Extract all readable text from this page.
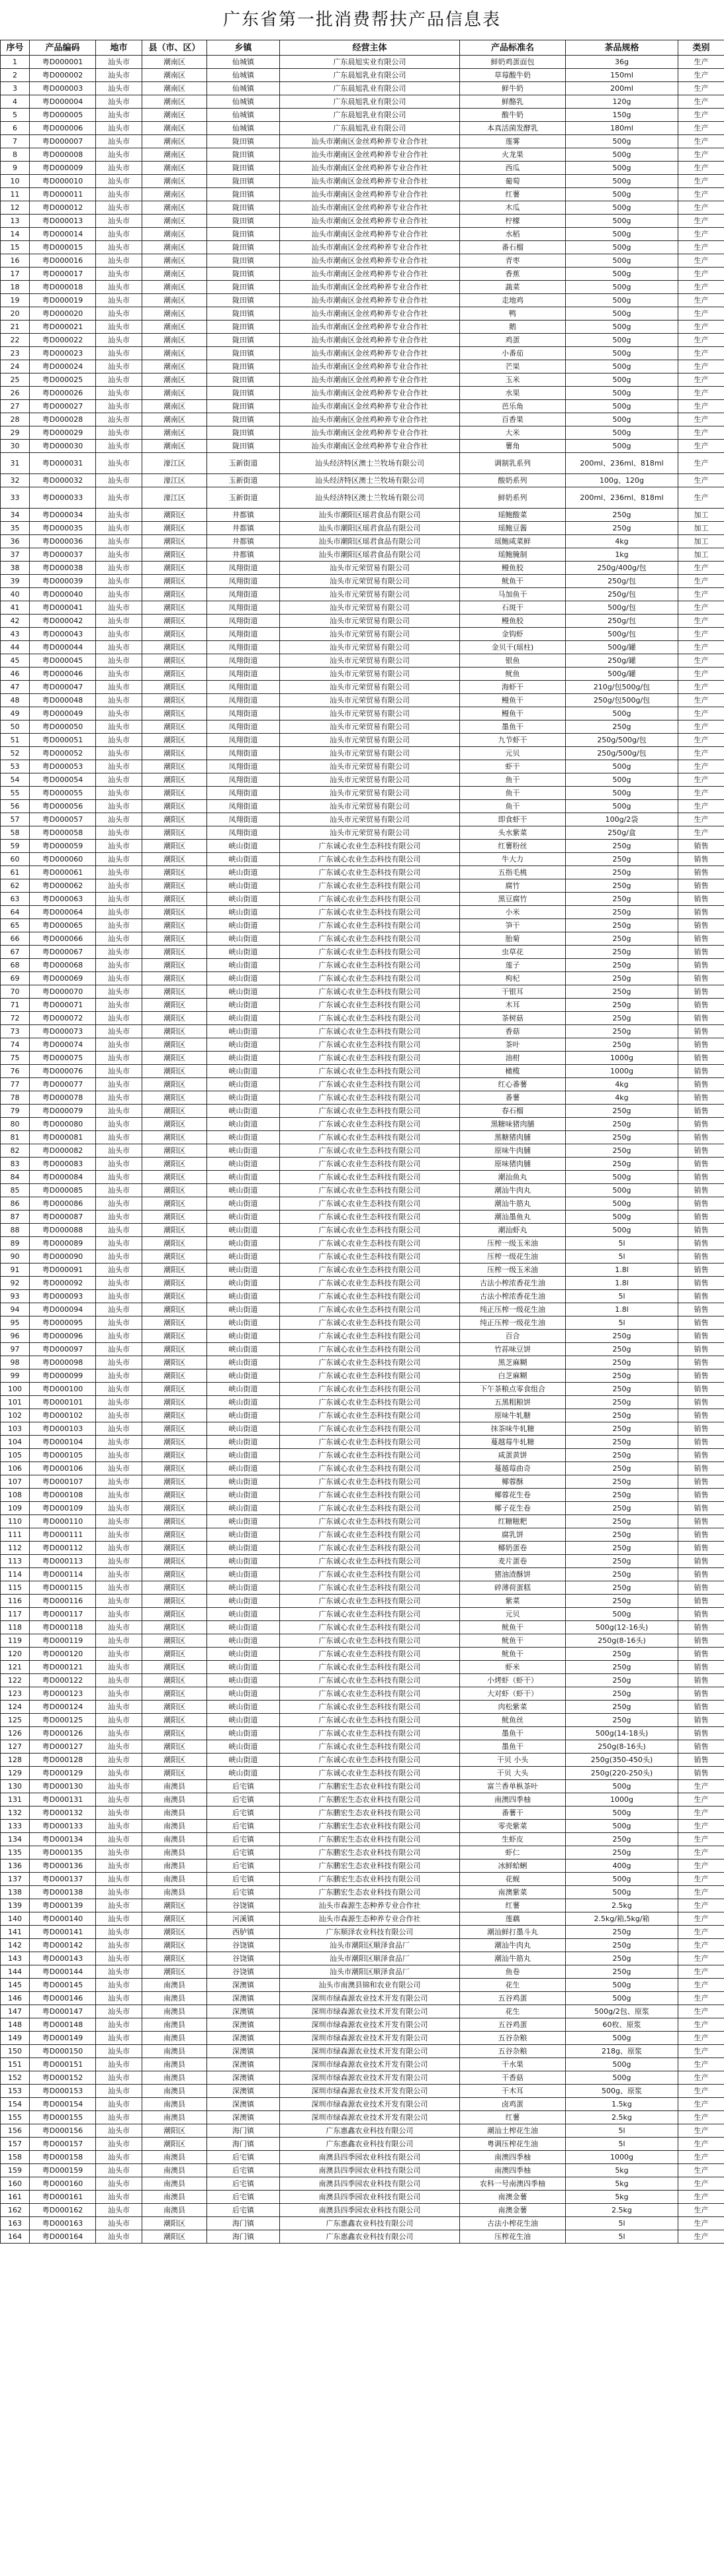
广东省第一批消费帮扶产品信息表
序号	产品编码	地市	县（市、区）	乡镇	经营主体	产品标准名	茶品规格	类别
1	粤D000001	汕头市	潮南区	仙城镇	广东晨旭实业有限公司	鲜奶鸡蛋面包	36g	生产
2	粤D000002	汕头市	潮南区	仙城镇	广东晨旭乳业有限公司	草莓酸牛奶	150ml	生产
3	粤D000003	汕头市	潮南区	仙城镇	广东晨旭乳业有限公司	鲜牛奶	200ml	生产
4	粤D000004	汕头市	潮南区	仙城镇	广东晨旭乳业有限公司	鲜酪乳	120g	生产
5	粤D000005	汕头市	潮南区	仙城镇	广东晨旭乳业有限公司	酸牛奶	150g	生产
6	粤D000006	汕头市	潮南区	仙城镇	广东晨旭乳业有限公司	本真活菌发酵乳	180ml	生产
7	粤D000007	汕头市	潮南区	陇田镇	汕头市潮南区金丝鸡种养专业合作社	莲雾	500g	生产
8	粤D000008	汕头市	潮南区	陇田镇	汕头市潮南区金丝鸡种养专业合作社	火龙果	500g	生产
9	粤D000009	汕头市	潮南区	陇田镇	汕头市潮南区金丝鸡种养专业合作社	西瓜	500g	生产
10	粤D000010	汕头市	潮南区	陇田镇	汕头市潮南区金丝鸡种养专业合作社	葡萄	500g	生产
11	粤D000011	汕头市	潮南区	陇田镇	汕头市潮南区金丝鸡种养专业合作社	红薯	500g	生产
12	粤D000012	汕头市	潮南区	陇田镇	汕头市潮南区金丝鸡种养专业合作社	木瓜	500g	生产
13	粤D000013	汕头市	潮南区	陇田镇	汕头市潮南区金丝鸡种养专业合作社	柠檬	500g	生产
14	粤D000014	汕头市	潮南区	陇田镇	汕头市潮南区金丝鸡种养专业合作社	水稻	500g	生产
15	粤D000015	汕头市	潮南区	陇田镇	汕头市潮南区金丝鸡种养专业合作社	番石榴	500g	生产
16	粤D000016	汕头市	潮南区	陇田镇	汕头市潮南区金丝鸡种养专业合作社	青枣	500g	生产
17	粤D000017	汕头市	潮南区	陇田镇	汕头市潮南区金丝鸡种养专业合作社	香蕉	500g	生产
18	粤D000018	汕头市	潮南区	陇田镇	汕头市潮南区金丝鸡种养专业合作社	蔬菜	500g	生产
19	粤D000019	汕头市	潮南区	陇田镇	汕头市潮南区金丝鸡种养专业合作社	走地鸡	500g	生产
20	粤D000020	汕头市	潮南区	陇田镇	汕头市潮南区金丝鸡种养专业合作社	鸭	500g	生产
21	粤D000021	汕头市	潮南区	陇田镇	汕头市潮南区金丝鸡种养专业合作社	鹅	500g	生产
22	粤D000022	汕头市	潮南区	陇田镇	汕头市潮南区金丝鸡种养专业合作社	鸡蛋	500g	生产
23	粤D000023	汕头市	潮南区	陇田镇	汕头市潮南区金丝鸡种养专业合作社	小番茄	500g	生产
24	粤D000024	汕头市	潮南区	陇田镇	汕头市潮南区金丝鸡种养专业合作社	芒果	500g	生产
25	粤D000025	汕头市	潮南区	陇田镇	汕头市潮南区金丝鸡种养专业合作社	玉米	500g	生产
26	粤D000026	汕头市	潮南区	陇田镇	汕头市潮南区金丝鸡种养专业合作社	水果	500g	生产
27	粤D000027	汕头市	潮南区	陇田镇	汕头市潮南区金丝鸡种养专业合作社	芭乐角	500g	生产
28	粤D000028	汕头市	潮南区	陇田镇	汕头市潮南区金丝鸡种养专业合作社	百香果	500g	生产
29	粤D000029	汕头市	潮南区	陇田镇	汕头市潮南区金丝鸡种养专业合作社	大米	500g	生产
30	粤D000030	汕头市	潮南区	陇田镇	汕头市潮南区金丝鸡种养专业合作社	薯角	500g	生产
31	粤D000031	汕头市	濠江区	玉新街道	汕头经济特区澳士兰牧场有限公司	调制乳系列	200ml、236ml、818ml	生产
32	粤D000032	汕头市	濠江区	玉新街道	汕头经济特区澳士兰牧场有限公司	酸奶系列	100g、120g	生产
33	粤D000033	汕头市	濠江区	玉新街道	汕头经济特区澳士兰牧场有限公司	鲜奶系列	200ml、236ml、818ml	生产
34	粤D000034	汕头市	潮阳区	井都镇	汕头市潮阳区瑶君食品有限公司	瑶鲍酸菜	250g	加工
35	粤D000035	汕头市	潮阳区	井都镇	汕头市潮阳区瑶君食品有限公司	瑶鲍豆酱	250g	加工
36	粤D000036	汕头市	潮阳区	井都镇	汕头市潮阳区瑶君食品有限公司	瑶鲍咸菜鲜	4kg	加工
37	粤D000037	汕头市	潮阳区	井都镇	汕头市潮阳区瑶君食品有限公司	瑶鲍腌制	1kg	加工
38	粤D000038	汕头市	潮阳区	凤翔街道	汕头市元荣贸易有限公司	鳗鱼胶	250g/400g/包	生产
39	粤D000039	汕头市	潮阳区	凤翔街道	汕头市元荣贸易有限公司	鱿鱼干	250g/包	生产
40	粤D000040	汕头市	潮阳区	凤翔街道	汕头市元荣贸易有限公司	马加鱼干	250g/包	生产
41	粤D000041	汕头市	潮阳区	凤翔街道	汕头市元荣贸易有限公司	石斑干	500g/包	生产
42	粤D000042	汕头市	潮阳区	凤翔街道	汕头市元荣贸易有限公司	鳗鱼胶	250g/包	生产
43	粤D000043	汕头市	潮阳区	凤翔街道	汕头市元荣贸易有限公司	金钩虾	500g/包	生产
44	粤D000044	汕头市	潮阳区	凤翔街道	汕头市元荣贸易有限公司	金贝干(瑶柱)	500g/罐	生产
45	粤D000045	汕头市	潮阳区	凤翔街道	汕头市元荣贸易有限公司	银鱼	250g/罐	生产
46	粤D000046	汕头市	潮阳区	凤翔街道	汕头市元荣贸易有限公司	鱿鱼	500g/罐	生产
47	粤D000047	汕头市	潮阳区	凤翔街道	汕头市元荣贸易有限公司	海虾干	210g/包500g/包	生产
48	粤D000048	汕头市	潮阳区	凤翔街道	汕头市元荣贸易有限公司	鳗鱼干	250g/包500g/包	生产
49	粤D000049	汕头市	潮阳区	凤翔街道	汕头市元荣贸易有限公司	鳗鱼干	500g	生产
50	粤D000050	汕头市	潮阳区	凤翔街道	汕头市元荣贸易有限公司	墨鱼干	250g	生产
51	粤D000051	汕头市	潮阳区	凤翔街道	汕头市元荣贸易有限公司	九节虾干	250g/500g/包	生产
52	粤D000052	汕头市	潮阳区	凤翔街道	汕头市元荣贸易有限公司	元贝	250g/500g/包	生产
53	粤D000053	汕头市	潮阳区	凤翔街道	汕头市元荣贸易有限公司	虾干	500g	生产
54	粤D000054	汕头市	潮阳区	凤翔街道	汕头市元荣贸易有限公司	鱼干	500g	生产
55	粤D000055	汕头市	潮阳区	凤翔街道	汕头市元荣贸易有限公司	鱼干	500g	生产
56	粤D000056	汕头市	潮阳区	凤翔街道	汕头市元荣贸易有限公司	鱼干	500g	生产
57	粤D000057	汕头市	潮阳区	凤翔街道	汕头市元荣贸易有限公司	即食虾干	100g/2袋	生产
58	粤D000058	汕头市	潮阳区	凤翔街道	汕头市元荣贸易有限公司	头水紫菜	250g/盒	生产
59	粤D000059	汕头市	潮阳区	峡山街道	广东诚心农业生态科技有限公司	红薯粉丝	250g	销售
60	粤D000060	汕头市	潮阳区	峡山街道	广东诚心农业生态科技有限公司	牛大力	250g	销售
61	粤D000061	汕头市	潮阳区	峡山街道	广东诚心农业生态科技有限公司	五指毛桃	250g	销售
62	粤D000062	汕头市	潮阳区	峡山街道	广东诚心农业生态科技有限公司	腐竹	250g	销售
63	粤D000063	汕头市	潮阳区	峡山街道	广东诚心农业生态科技有限公司	黑豆腐竹	250g	销售
64	粤D000064	汕头市	潮阳区	峡山街道	广东诚心农业生态科技有限公司	小米	250g	销售
65	粤D000065	汕头市	潮阳区	峡山街道	广东诚心农业生态科技有限公司	笋干	250g	销售
66	粤D000066	汕头市	潮阳区	峡山街道	广东诚心农业生态科技有限公司	胎菊	250g	销售
67	粤D000067	汕头市	潮阳区	峡山街道	广东诚心农业生态科技有限公司	虫草花	250g	销售
68	粤D000068	汕头市	潮阳区	峡山街道	广东诚心农业生态科技有限公司	莲子	250g	销售
69	粤D000069	汕头市	潮阳区	峡山街道	广东诚心农业生态科技有限公司	枸杞	250g	销售
70	粤D000070	汕头市	潮阳区	峡山街道	广东诚心农业生态科技有限公司	干银耳	250g	销售
71	粤D000071	汕头市	潮阳区	峡山街道	广东诚心农业生态科技有限公司	木耳	250g	销售
72	粤D000072	汕头市	潮阳区	峡山街道	广东诚心农业生态科技有限公司	茶树菇	250g	销售
73	粤D000073	汕头市	潮阳区	峡山街道	广东诚心农业生态科技有限公司	香菇	250g	销售
74	粤D000074	汕头市	潮阳区	峡山街道	广东诚心农业生态科技有限公司	茶叶	250g	销售
75	粤D000075	汕头市	潮阳区	峡山街道	广东诚心农业生态科技有限公司	油柑	1000g	销售
76	粤D000076	汕头市	潮阳区	峡山街道	广东诚心农业生态科技有限公司	橄榄	1000g	销售
77	粤D000077	汕头市	潮阳区	峡山街道	广东诚心农业生态科技有限公司	红心番薯	4kg	销售
78	粤D000078	汕头市	潮阳区	峡山街道	广东诚心农业生态科技有限公司	番薯	4kg	销售
79	粤D000079	汕头市	潮阳区	峡山街道	广东诚心农业生态科技有限公司	春石榴	250g	销售
80	粤D000080	汕头市	潮阳区	峡山街道	广东诚心农业生态科技有限公司	黑糖味猪肉脯	250g	销售
81	粤D000081	汕头市	潮阳区	峡山街道	广东诚心农业生态科技有限公司	黑糖猪肉脯	250g	销售
82	粤D000082	汕头市	潮阳区	峡山街道	广东诚心农业生态科技有限公司	原味牛肉脯	250g	销售
83	粤D000083	汕头市	潮阳区	峡山街道	广东诚心农业生态科技有限公司	原味猪肉脯	250g	销售
84	粤D000084	汕头市	潮阳区	峡山街道	广东诚心农业生态科技有限公司	潮汕鱼丸	500g	销售
85	粤D000085	汕头市	潮阳区	峡山街道	广东诚心农业生态科技有限公司	潮汕牛肉丸	500g	销售
86	粤D000086	汕头市	潮阳区	峡山街道	广东诚心农业生态科技有限公司	潮汕牛筋丸	500g	销售
87	粤D000087	汕头市	潮阳区	峡山街道	广东诚心农业生态科技有限公司	潮汕墨鱼丸	500g	销售
88	粤D000088	汕头市	潮阳区	峡山街道	广东诚心农业生态科技有限公司	潮汕虾丸	500g	销售
89	粤D000089	汕头市	潮阳区	峡山街道	广东诚心农业生态科技有限公司	压榨一级玉米油	5l	销售
90	粤D000090	汕头市	潮阳区	峡山街道	广东诚心农业生态科技有限公司	压榨一级花生油	5l	销售
91	粤D000091	汕头市	潮阳区	峡山街道	广东诚心农业生态科技有限公司	压榨一级玉米油	1.8l	销售
92	粤D000092	汕头市	潮阳区	峡山街道	广东诚心农业生态科技有限公司	古法小榨浓香花生油	1.8l	销售
93	粤D000093	汕头市	潮阳区	峡山街道	广东诚心农业生态科技有限公司	古法小榨浓香花生油	5l	销售
94	粤D000094	汕头市	潮阳区	峡山街道	广东诚心农业生态科技有限公司	纯正压榨一级花生油	1.8l	销售
95	粤D000095	汕头市	潮阳区	峡山街道	广东诚心农业生态科技有限公司	纯正压榨一级花生油	5l	销售
96	粤D000096	汕头市	潮阳区	峡山街道	广东诚心农业生态科技有限公司	百合	250g	销售
97	粤D000097	汕头市	潮阳区	峡山街道	广东诚心农业生态科技有限公司	竹荪味豆饼	250g	销售
98	粤D000098	汕头市	潮阳区	峡山街道	广东诚心农业生态科技有限公司	黑芝麻糊	250g	销售
99	粤D000099	汕头市	潮阳区	峡山街道	广东诚心农业生态科技有限公司	白芝麻糊	250g	销售
100	粤D000100	汕头市	潮阳区	峡山街道	广东诚心农业生态科技有限公司	下午茶粮点零食组合	250g	销售
101	粤D000101	汕头市	潮阳区	峡山街道	广东诚心农业生态科技有限公司	五黑粗粮饼	250g	销售
102	粤D000102	汕头市	潮阳区	峡山街道	广东诚心农业生态科技有限公司	原味牛轧糖	250g	销售
103	粤D000103	汕头市	潮阳区	峡山街道	广东诚心农业生态科技有限公司	抹茶味牛轧糖	250g	销售
104	粤D000104	汕头市	潮阳区	峡山街道	广东诚心农业生态科技有限公司	蔓越莓牛轧糖	250g	销售
105	粤D000105	汕头市	潮阳区	峡山街道	广东诚心农业生态科技有限公司	咸蛋黄饼	250g	销售
106	粤D000106	汕头市	潮阳区	峡山街道	广东诚心农业生态科技有限公司	蔓越莓曲奇	250g	销售
107	粤D000107	汕头市	潮阳区	峡山街道	广东诚心农业生态科技有限公司	椰蓉酥	250g	销售
108	粤D000108	汕头市	潮阳区	峡山街道	广东诚心农业生态科技有限公司	椰蓉花生卷	250g	销售
109	粤D000109	汕头市	潮阳区	峡山街道	广东诚心农业生态科技有限公司	椰子花生卷	250g	销售
110	粤D000110	汕头市	潮阳区	峡山街道	广东诚心农业生态科技有限公司	红糖糍粑	250g	销售
111	粤D000111	汕头市	潮阳区	峡山街道	广东诚心农业生态科技有限公司	腐乳饼	250g	销售
112	粤D000112	汕头市	潮阳区	峡山街道	广东诚心农业生态科技有限公司	椰奶蛋卷	250g	销售
113	粤D000113	汕头市	潮阳区	峡山街道	广东诚心农业生态科技有限公司	麦片蛋卷	250g	销售
114	粤D000114	汕头市	潮阳区	峡山街道	广东诚心农业生态科技有限公司	猪油渣酥饼	250g	销售
115	粤D000115	汕头市	潮阳区	峡山街道	广东诚心农业生态科技有限公司	碎薄荷蛋糕	250g	销售
116	粤D000116	汕头市	潮阳区	峡山街道	广东诚心农业生态科技有限公司	紫菜	250g	销售
117	粤D000117	汕头市	潮阳区	峡山街道	广东诚心农业生态科技有限公司	元贝	500g	销售
118	粤D000118	汕头市	潮阳区	峡山街道	广东诚心农业生态科技有限公司	鱿鱼干	500g(12-16头)	销售
119	粤D000119	汕头市	潮阳区	峡山街道	广东诚心农业生态科技有限公司	鱿鱼干	250g(8-16头)	销售
120	粤D000120	汕头市	潮阳区	峡山街道	广东诚心农业生态科技有限公司	鱿鱼干	250g	销售
121	粤D000121	汕头市	潮阳区	峡山街道	广东诚心农业生态科技有限公司	虾米	250g	销售
122	粤D000122	汕头市	潮阳区	峡山街道	广东诚心农业生态科技有限公司	小烤虾（虾干）	250g	销售
123	粤D000123	汕头市	潮阳区	峡山街道	广东诚心农业生态科技有限公司	大对虾（虾干）	250g	销售
124	粤D000124	汕头市	潮阳区	峡山街道	广东诚心农业生态科技有限公司	肉松紫菜	250g	销售
125	粤D000125	汕头市	潮阳区	峡山街道	广东诚心农业生态科技有限公司	鱿鱼丝	250g	销售
126	粤D000126	汕头市	潮阳区	峡山街道	广东诚心农业生态科技有限公司	墨鱼干	500g(14-18头)	销售
127	粤D000127	汕头市	潮阳区	峡山街道	广东诚心农业生态科技有限公司	墨鱼干	250g(8-16头)	销售
128	粤D000128	汕头市	潮阳区	峡山街道	广东诚心农业生态科技有限公司	干贝 小头	250g(350-450头)	销售
129	粤D000129	汕头市	潮阳区	峡山街道	广东诚心农业生态科技有限公司	干贝 大头	250g(220-250头)	销售
130	粤D000130	汕头市	南澳县	后宅镇	广东鹏宏生态农业科技有限公司	富兰香单枞茶叶	500g	生产
131	粤D000131	汕头市	南澳县	后宅镇	广东鹏宏生态农业科技有限公司	南澳四季柚	1000g	生产
132	粤D000132	汕头市	南澳县	后宅镇	广东鹏宏生态农业科技有限公司	番薯干	500g	生产
133	粤D000133	汕头市	南澳县	后宅镇	广东鹏宏生态农业科技有限公司	零壳紫菜	500g	生产
134	粤D000134	汕头市	南澳县	后宅镇	广东鹏宏生态农业科技有限公司	生虾皮	250g	生产
135	粤D000135	汕头市	南澳县	后宅镇	广东鹏宏生态农业科技有限公司	虾仁	250g	生产
136	粤D000136	汕头市	南澳县	后宅镇	广东鹏宏生态农业科技有限公司	冰鲜蛤蜊	400g	生产
137	粤D000137	汕头市	南澳县	后宅镇	广东鹏宏生态农业科技有限公司	花蚬	500g	生产
138	粤D000138	汕头市	南澳县	后宅镇	广东鹏宏生态农业科技有限公司	南澳紫菜	500g	生产
139	粤D000139	汕头市	潮阳区	谷饶镇	汕头市森源生态种养专业合作社	红薯	2.5kg	生产
140	粤D000140	汕头市	潮阳区	河溪镇	汕头市森源生态种养专业合作社	莲藕	2.5kg/箱,5kg/箱	生产
141	粤D000141	汕头市	潮阳区	西胪镇	广东顺泽农业科技有限公司	潮汕鲜打墨斗丸	250g	生产
142	粤D000142	汕头市	潮阳区	谷饶镇	汕头市潮阳区顺泽食品厂	潮汕牛肉丸	250g	生产
143	粤D000143	汕头市	潮阳区	谷饶镇	汕头市潮阳区顺泽食品厂	潮汕牛筋丸	250g	生产
144	粤D000144	汕头市	潮阳区	谷饶镇	汕头市潮阳区顺泽食品厂	鱼卷	250g	生产
145	粤D000145	汕头市	南澳县	深澳镇	汕头市南澳县锦和农业有限公司	花生	500g	生产
146	粤D000146	汕头市	南澳县	深澳镇	深圳市绿森源农业技术开发有限公司	五谷鸡蛋	500g	生产
147	粤D000147	汕头市	南澳县	深澳镇	深圳市绿森源农业技术开发有限公司	花生	500g/2包、原浆	生产
148	粤D000148	汕头市	南澳县	深澳镇	深圳市绿森源农业技术开发有限公司	五谷鸡蛋	60枚、原浆	生产
149	粤D000149	汕头市	南澳县	深澳镇	深圳市绿森源农业技术开发有限公司	五谷杂粮	500g	生产
150	粤D000150	汕头市	南澳县	深澳镇	深圳市绿森源农业技术开发有限公司	五谷杂粮	218g、原浆	生产
151	粤D000151	汕头市	南澳县	深澳镇	深圳市绿森源农业技术开发有限公司	干水果	500g	生产
152	粤D000152	汕头市	南澳县	深澳镇	深圳市绿森源农业技术开发有限公司	干香菇	500g	生产
153	粤D000153	汕头市	南澳县	深澳镇	深圳市绿森源农业技术开发有限公司	干木耳	500g、原浆	生产
154	粤D000154	汕头市	南澳县	深澳镇	深圳市绿森源农业技术开发有限公司	卤鸡蛋	1.5kg	生产
155	粤D000155	汕头市	南澳县	深澳镇	深圳市绿森源农业技术开发有限公司	红薯	2.5kg	生产
156	粤D000156	汕头市	潮阳区	海门镇	广东惠鑫农业科技有限公司	潮汕土榨花生油	5l	生产
157	粤D000157	汕头市	潮阳区	海门镇	广东惠鑫农业科技有限公司	粤调压榨花生油	5l	生产
158	粤D000158	汕头市	南澳县	后宅镇	南澳县四季园农业科技有限公司	南澳四季柚	1000g	生产
159	粤D000159	汕头市	南澳县	后宅镇	南澳县四季园农业科技有限公司	南澳四季柚	5kg	生产
160	粤D000160	汕头市	南澳县	后宅镇	南澳县四季园农业科技有限公司	农科一号南澳四季柚	5kg	生产
161	粤D000161	汕头市	南澳县	后宅镇	南澳县四季园农业科技有限公司	南澳金薯	5kg	生产
162	粤D000162	汕头市	南澳县	后宅镇	南澳县四季园农业科技有限公司	南澳金薯	2.5kg	生产
163	粤D000163	汕头市	潮阳区	海门镇	广东惠鑫农业科技有限公司	古法小榨花生油	5l	生产
164	粤D000164	汕头市	潮阳区	海门镇	广东惠鑫农业科技有限公司	压榨花生油	5l	生产
